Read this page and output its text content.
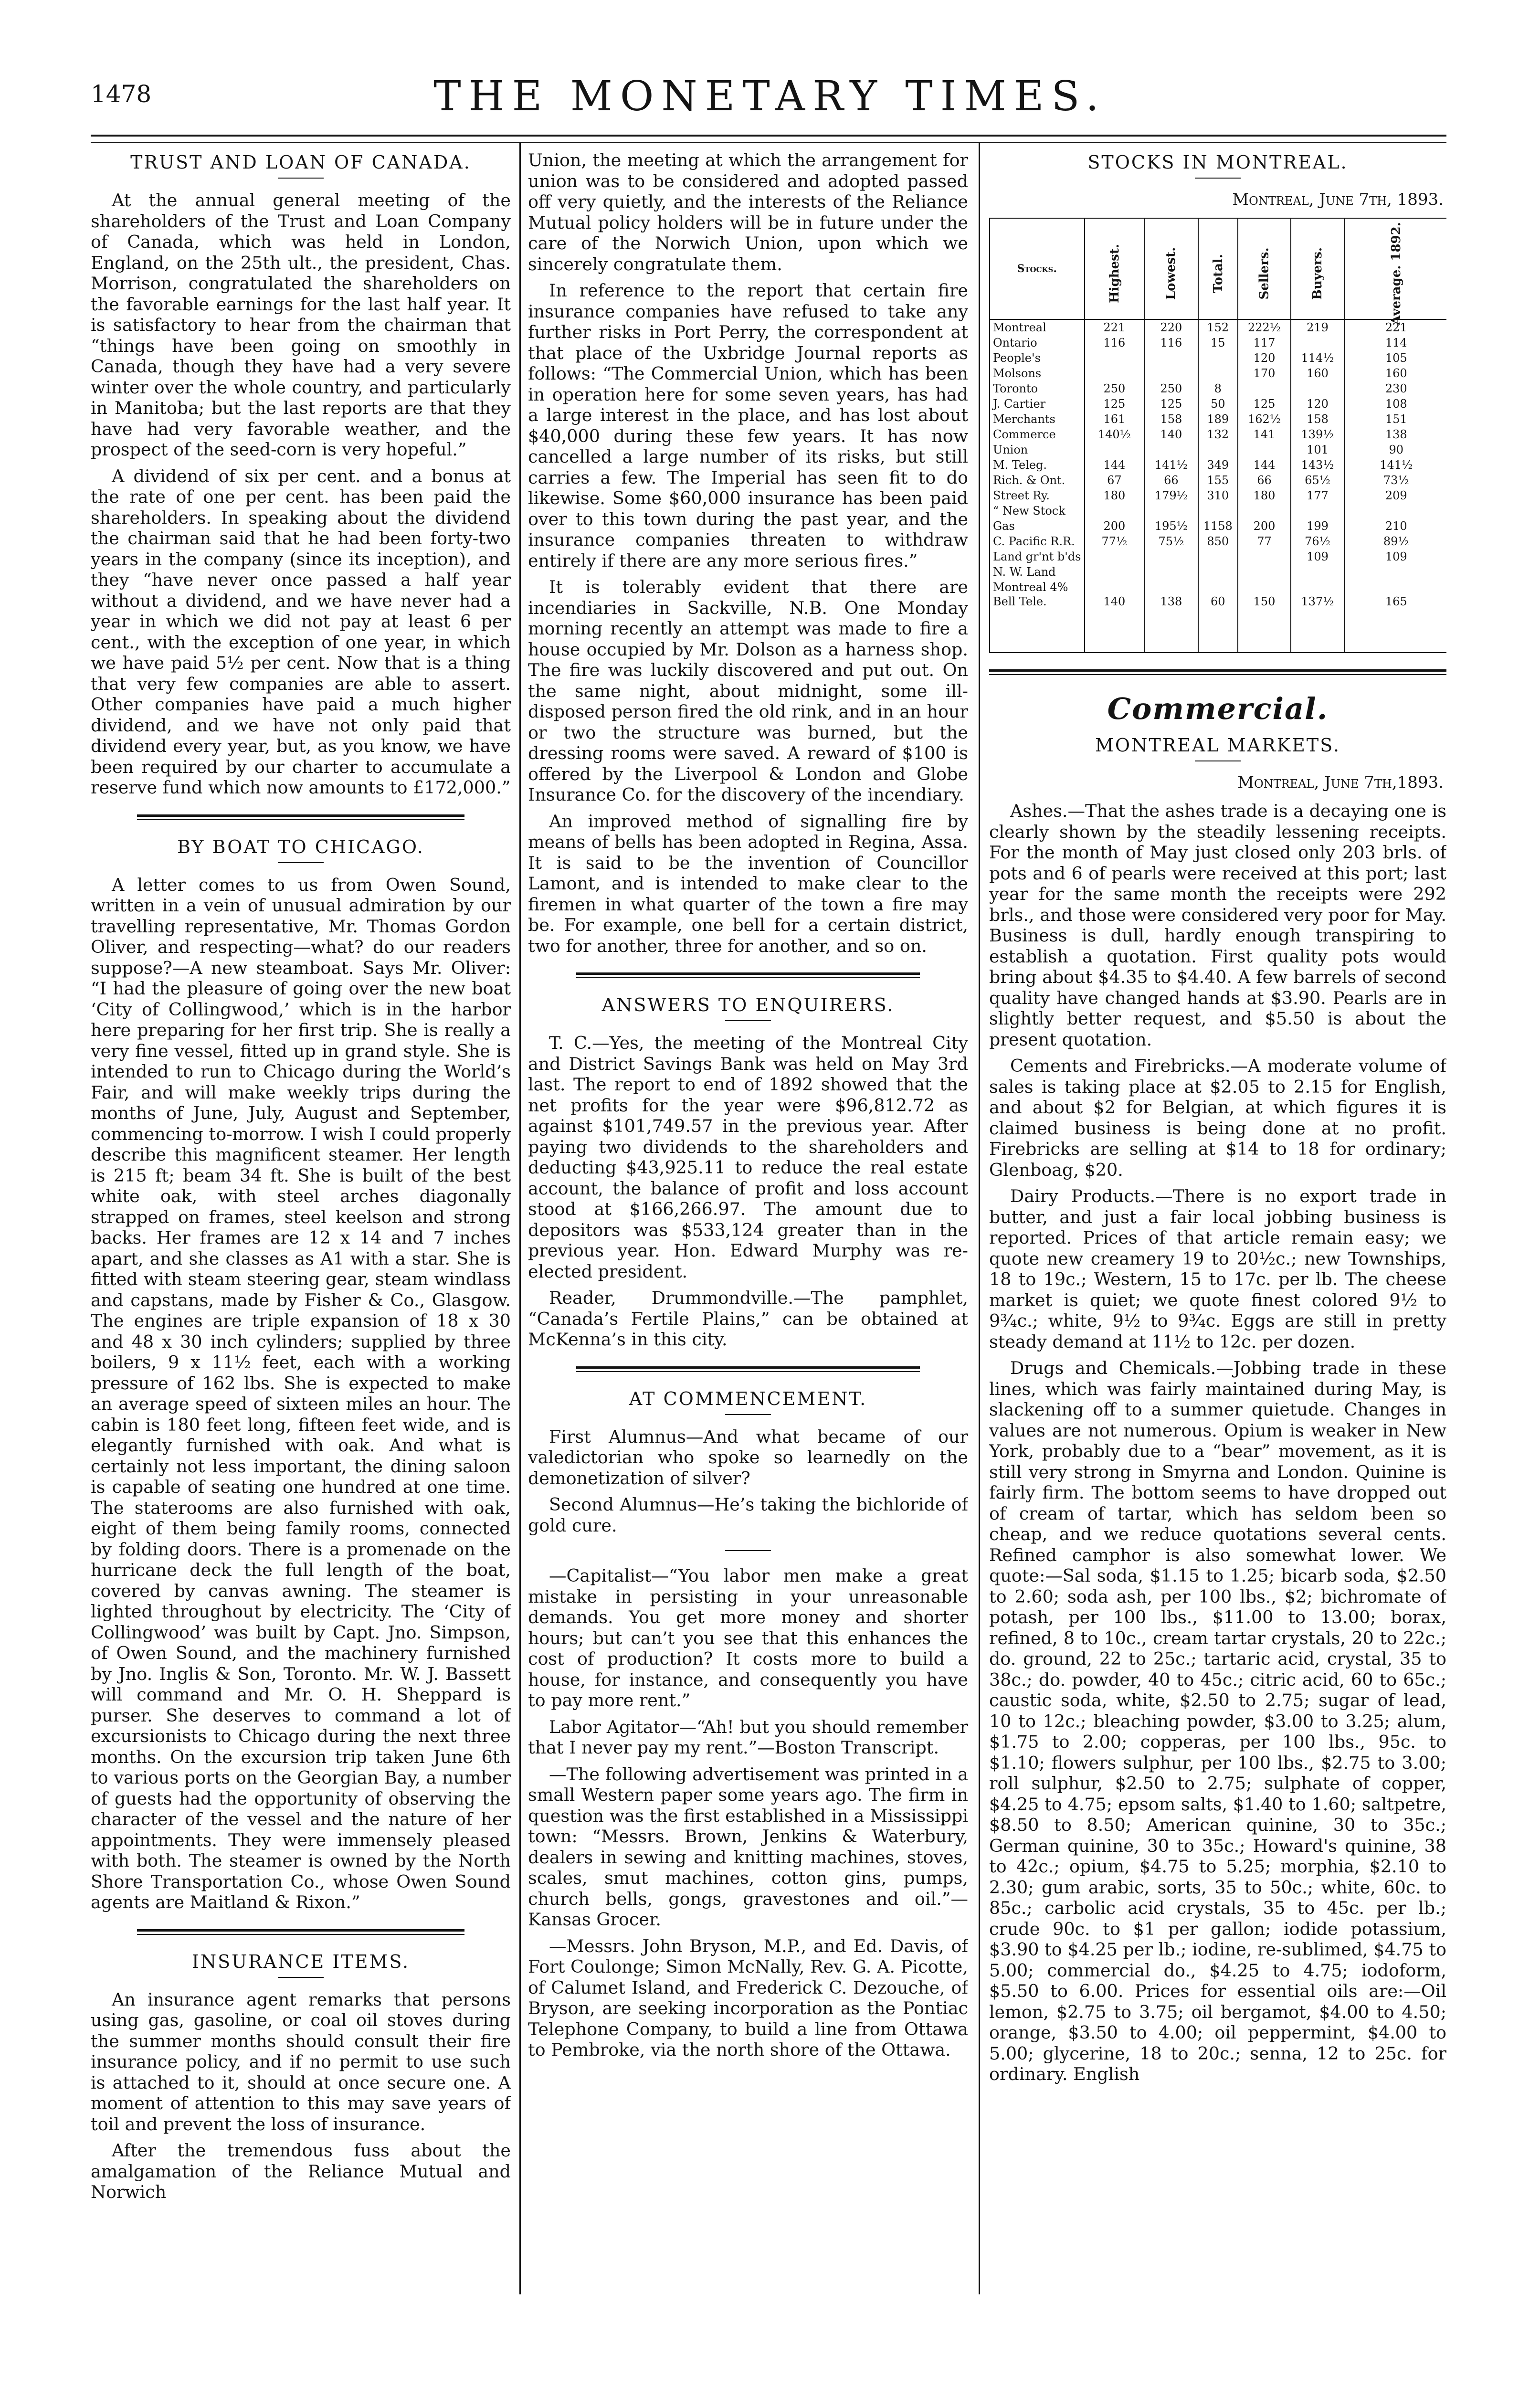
1478	THE MONETARY TIMES.
TRUST AND LOAN OF CANADA.

At the annual general meeting of the shareholders of the Trust and Loan Company of Canada, which was held in London, England, on the 25th ult., the president, Chas. Morrison, congratulated the shareholders on the favorable earnings for the last half year. It is satisfactory to hear from the chairman that “things have been going on smoothly in Canada, though they have had a very severe winter over the whole country, and particularly in Manitoba; but the last reports are that they have had very favorable weather, and the prospect of the seed-corn is very hopeful.”

A dividend of six per cent. and a bonus at the rate of one per cent. has been paid the shareholders. In speaking about the dividend the chairman said that he had been forty-two years in the company (since its inception), and they “have never once passed a half year without a dividend, and we have never had a year in which we did not pay at least 6 per cent., with the exception of one year, in which we have paid 5½ per cent. Now that is a thing that very few companies are able to assert. Other companies have paid a much higher dividend, and we have not only paid that dividend every year, but, as you know, we have been required by our charter to accumulate a reserve fund which now amounts to £172,000.”

BY BOAT TO CHICAGO.

A letter comes to us from Owen Sound, written in a vein of unusual admiration by our travelling representative, Mr. Thomas Gordon Oliver, and respecting—what? do our readers suppose?—A new steamboat. Says Mr. Oliver: “I had the pleasure of going over the new boat ‘City of Collingwood,’ which is in the harbor here preparing for her first trip. She is really a very fine vessel, fitted up in grand style. She is intended to run to Chicago during the World’s Fair, and will make weekly trips during the months of June, July, August and September, commencing to-morrow. I wish I could properly describe this magnificent steamer. Her length is 215 ft; beam 34 ft. She is built of the best white oak, with steel arches diagonally strapped on frames, steel keelson and strong backs. Her frames are 12 x 14 and 7 inches apart, and she classes as A1 with a star. She is fitted with steam steering gear, steam windlass and capstans, made by Fisher & Co., Glasgow. The engines are triple expansion of 18 x 30 and 48 x 30 inch cylinders; supplied by three boilers, 9 x 11½ feet, each with a working pressure of 162 lbs. She is expected to make an average speed of sixteen miles an hour. The cabin is 180 feet long, fifteen feet wide, and is elegantly furnished with oak. And what is certainly not less important, the dining saloon is capable of seating one hundred at one time. The staterooms are also furnished with oak, eight of them being family rooms, connected by folding doors. There is a promenade on the hurricane deck the full length of the boat, covered by canvas awning. The steamer is lighted throughout by electricity. The ‘City of Collingwood’ was built by Capt. Jno. Simpson, of Owen Sound, and the machinery furnished by Jno. Inglis & Son, Toronto. Mr. W. J. Bassett will command and Mr. O. H. Sheppard is purser. She deserves to command a lot of excursionists to Chicago during the next three months. On the excursion trip taken June 6th to various ports on the Georgian Bay, a number of guests had the opportunity of observing the character of the vessel and the nature of her appointments. They were immensely pleased with both. The steamer is owned by the North Shore Transportation Co., whose Owen Sound agents are Maitland & Rixon.”

INSURANCE ITEMS.

An insurance agent remarks that persons using gas, gasoline, or coal oil stoves during the summer months should consult their fire insurance policy, and if no permit to use such is attached to it, should at once secure one. A moment of attention to this may save years of toil and prevent the loss of insurance.

After the tremendous fuss about the amalgamation of the Reliance Mutual and Norwich

Union, the meeting at which the arrangement for union was to be considered and adopted passed off very quietly, and the interests of the Reliance Mutual policy holders will be in future under the care of the Norwich Union, upon which we sincerely congratulate them.

In reference to the report that certain fire insurance companies have refused to take any further risks in Port Perry, the correspondent at that place of the Uxbridge Journal reports as follows: “The Commercial Union, which has been in operation here for some seven years, has had a large interest in the place, and has lost about $40,000 during these few years. It has now cancelled a large number of its risks, but still carries a few. The Imperial has seen fit to do likewise. Some $60,000 insurance has been paid over to this town during the past year, and the insurance companies threaten to withdraw entirely if there are any more serious fires.”

It is tolerably evident that there are incendiaries in Sackville, N.B. One Monday morning recently an attempt was made to fire a house occupied by Mr. Dolson as a harness shop. The fire was luckily discovered and put out. On the same night, about midnight, some ill-disposed person fired the old rink, and in an hour or two the structure was burned, but the dressing rooms were saved. A reward of $100 is offered by the Liverpool & London and Globe Insurance Co. for the discovery of the incendiary.

An improved method of signalling fire by means of bells has been adopted in Regina, Assa. It is said to be the invention of Councillor Lamont, and is intended to make clear to the firemen in what quarter of the town a fire may be. For example, one bell for a certain district, two for another, three for another, and so on.

ANSWERS TO ENQUIRERS.

T. C.—Yes, the meeting of the Montreal City and District Savings Bank was held on May 3rd last. The report to end of 1892 showed that the net profits for the year were $96,812.72 as against $101,749.57 in the previous year. After paying two dividends to the shareholders and deducting $43,925.11 to reduce the real estate account, the balance of profit and loss account stood at $166,266.97. The amount due to depositors was $533,124 greater than in the previous year. Hon. Edward Murphy was re-elected president.

Reader, Drummondville.—The pamphlet, “Canada’s Fertile Plains,” can be obtained at McKenna’s in this city.

AT COMMENCEMENT.

First Alumnus—And what became of our valedictorian who spoke so learnedly on the demonetization of silver?

Second Alumnus—He’s taking the bichloride of gold cure.

—Capitalist—“You labor men make a great mistake in persisting in your unreasonable demands. You get more money and shorter hours; but can’t you see that this enhances the cost of production? It costs more to build a house, for instance, and consequently you have to pay more rent.”

Labor Agitator—“Ah! but you should remember that I never pay my rent.”—Boston Transcript.

—The following advertisement was printed in a small Western paper some years ago. The firm in question was the first established in a Mississippi town: “Messrs. Brown, Jenkins & Waterbury, dealers in sewing and knitting machines, stoves, scales, smut machines, cotton gins, pumps, church bells, gongs, gravestones and oil.”—Kansas Grocer.

—Messrs. John Bryson, M.P., and Ed. Davis, of Fort Coulonge; Simon McNally, Rev. G. A. Picotte, of Calumet Island, and Frederick C. Dezouche, of Bryson, are seeking incorporation as the Pontiac Telephone Company, to build a line from Ottawa to Pembroke, via the north shore of the Ottawa.

STOCKS IN MONTREAL.
Montreal, June 7th, 1893.
Stocks.	Highest.	Lowest.	Total.	Sellers.	Buyers.	Average. 1892.
Montreal	221	220	152	222½	219	221
Ontario	116	116	15	117		114
People's				120	114½	105
Molsons				170	160	160
Toronto	250	250	8			230
J. Cartier	125	125	50	125	120	108
Merchants	161	158	189	162½	158	151
Commerce	140½	140	132	141	139½	138
Union					101	90
M. Teleg.	144	141½	349	144	143½	141½
Rich. & Ont.	67	66	155	66	65½	73½
Street Ry.	180	179½	310	180	177	209
“ New Stock						
Gas	200	195½	1158	200	199	210
C. Pacific R.R.	77½	75½	850	77	76½	89½
Land gr'nt b'ds					109	109
N. W. Land						
Montreal 4%						
Bell Tele.	140	138	60	150	137½	165
Commercial.
MONTREAL MARKETS.
Montreal, June 7th,1893.

Ashes.—That the ashes trade is a decaying one is clearly shown by the steadily lessening receipts. For the month of May just closed only 203 brls. of pots and 6 of pearls were received at this port; last year for the same month the receipts were 292 brls., and those were considered very poor for May. Business is dull, hardly enough transpiring to establish a quotation. First quality pots would bring about $4.35 to $4.40. A few barrels of second quality have changed hands at $3.90. Pearls are in slightly better request, and $5.50 is about the present quotation.

Cements and Firebricks.—A moderate volume of sales is taking place at $2.05 to 2.15 for English, and about $2 for Belgian, at which figures it is claimed business is being done at no profit. Firebricks are selling at $14 to 18 for ordinary; Glenboag, $20.

Dairy Products.—There is no export trade in butter, and just a fair local jobbing business is reported. Prices of that article remain easy; we quote new creamery 19 to 20½c.; new Townships, 18 to 19c.; Western, 15 to 17c. per lb. The cheese market is quiet; we quote finest colored 9½ to 9¾c.; white, 9½ to 9¾c. Eggs are still in pretty steady demand at 11½ to 12c. per dozen.

Drugs and Chemicals.—Jobbing trade in these lines, which was fairly maintained during May, is slackening off to a summer quietude. Changes in values are not numerous. Opium is weaker in New York, probably due to a “bear” movement, as it is still very strong in Smyrna and London. Quinine is fairly firm. The bottom seems to have dropped out of cream of tartar, which has seldom been so cheap, and we reduce quotations several cents. Refined camphor is also somewhat lower. We quote:—Sal soda, $1.15 to 1.25; bicarb soda, $2.50 to 2.60; soda ash, per 100 lbs., $2; bichromate of potash, per 100 lbs., $11.00 to 13.00; borax, refined, 8 to 10c., cream tartar crystals, 20 to 22c.; do. ground, 22 to 25c.; tartaric acid, crystal, 35 to 38c.; do. powder, 40 to 45c.; citric acid, 60 to 65c.; caustic soda, white, $2.50 to 2.75; sugar of lead, 10 to 12c.; bleaching powder, $3.00 to 3.25; alum, $1.75 to 2.00; copperas, per 100 lbs., 95c. to $1.10; flowers sulphur, per 100 lbs., $2.75 to 3.00; roll sulphur, $2.50 to 2.75; sulphate of copper, $4.25 to 4.75; epsom salts, $1.40 to 1.60; saltpetre, $8.50 to 8.50; American quinine, 30 to 35c.; German quinine, 30 to 35c.; Howard's quinine, 38 to 42c.; opium, $4.75 to 5.25; morphia, $2.10 to 2.30; gum arabic, sorts, 35 to 50c.; white, 60c. to 85c.; carbolic acid crystals, 35 to 45c. per lb.; crude 90c. to $1 per gallon; iodide potassium, $3.90 to $4.25 per lb.; iodine, re-sublimed, $4.75 to 5.00; commercial do., $4.25 to 4.75; iodoform, $5.50 to 6.00. Prices for essential oils are:—Oil lemon, $2.75 to 3.75; oil bergamot, $4.00 to 4.50; orange, $3.50 to 4.00; oil peppermint, $4.00 to 5.00; glycerine, 18 to 20c.; senna, 12 to 25c. for ordinary. English
